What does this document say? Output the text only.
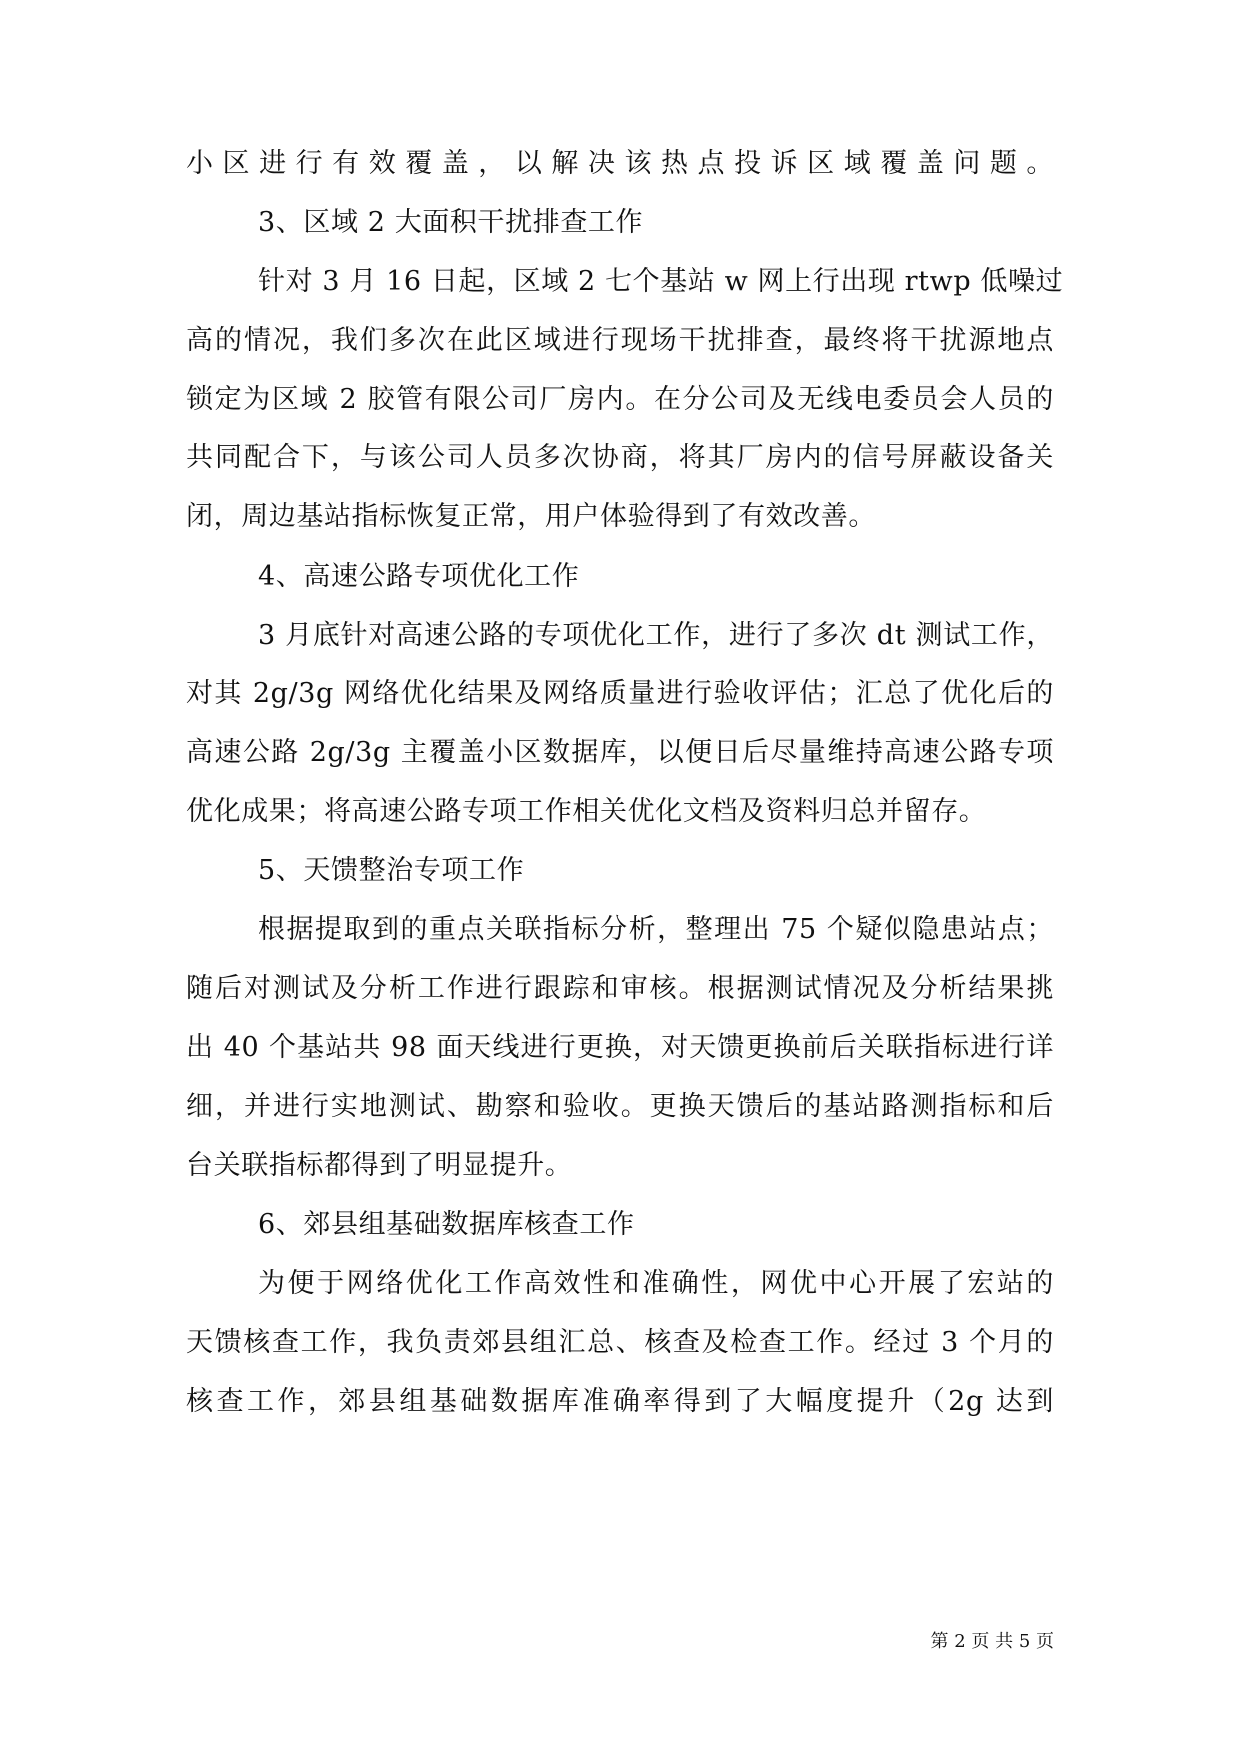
小区进行有效覆盖，以解决该热点投诉区域覆盖问题。
3、区域 2 大面积干扰排查工作
针对 3 月 16 日起，区域 2 七个基站 w 网上行出现 rtwp 低噪过
高的情况，我们多次在此区域进行现场干扰排查，最终将干扰源地点
锁定为区域 2 胶管有限公司厂房内。在分公司及无线电委员会人员的
共同配合下，与该公司人员多次协商，将其厂房内的信号屏蔽设备关
闭，周边基站指标恢复正常，用户体验得到了有效改善。
4、高速公路专项优化工作
3 月底针对高速公路的专项优化工作，进行了多次 dt 测试工作，
对其 2g/3g 网络优化结果及网络质量进行验收评估；汇总了优化后的
高速公路 2g/3g 主覆盖小区数据库，以便日后尽量维持高速公路专项
优化成果；将高速公路专项工作相关优化文档及资料归总并留存。
5、天馈整治专项工作
根据提取到的重点关联指标分析，整理出 75 个疑似隐患站点；
随后对测试及分析工作进行跟踪和审核。根据测试情况及分析结果挑
出 40 个基站共 98 面天线进行更换，对天馈更换前后关联指标进行详
细，并进行实地测试、勘察和验收。更换天馈后的基站路测指标和后
台关联指标都得到了明显提升。
6、郊县组基础数据库核查工作
为便于网络优化工作高效性和准确性，网优中心开展了宏站的
天馈核查工作，我负责郊县组汇总、核查及检查工作。经过 3 个月的
核查工作，郊县组基础数据库准确率得到了大幅度提升（2g 达到
第 2 页 共 5 页
